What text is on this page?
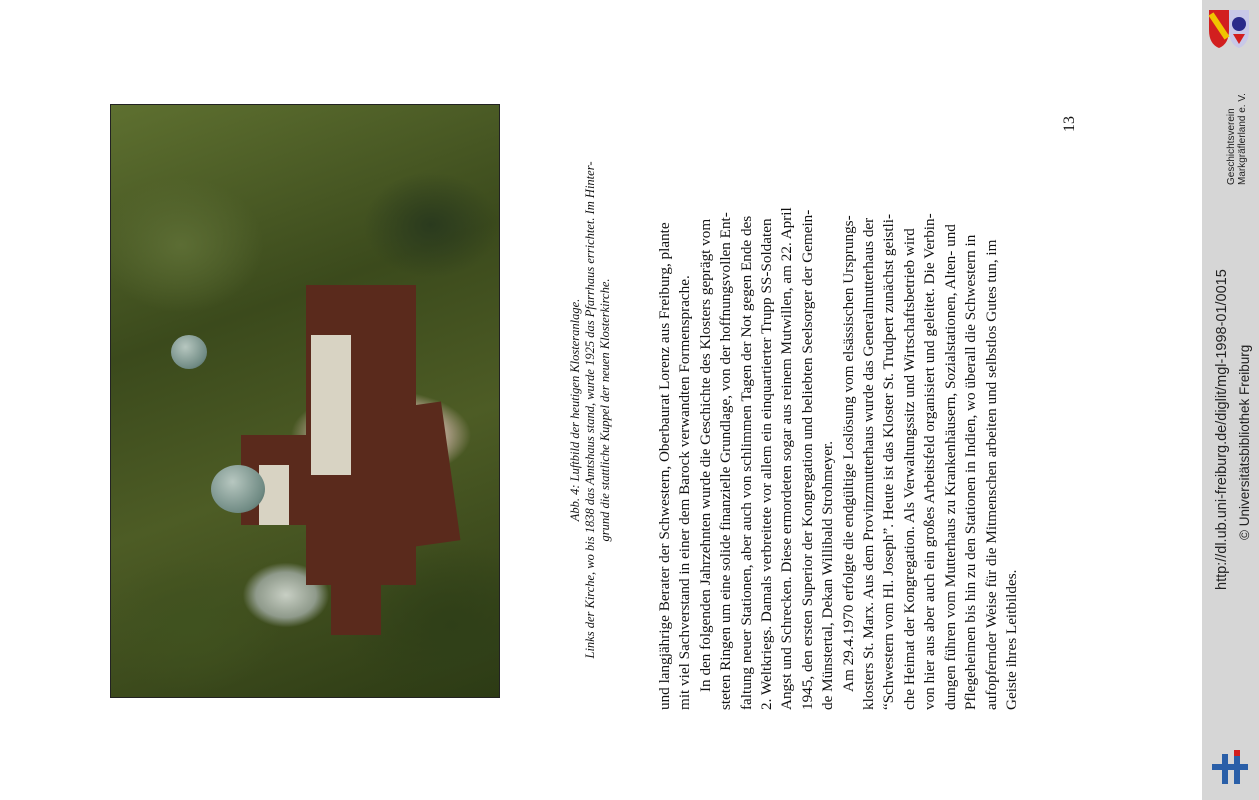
Abb. 4: Luftbild der heutigen Klosteranlage. Links der Kirche, wo bis 1838 das Amtshaus stand, wurde 1925 das Pfarrhaus errichtet. Im Hinter- grund die stattliche Kuppel der neuen Klosterkirche.	und langjährige Berater der Schwestern, Oberbaurat Lorenz aus Freiburg, plante mit viel Sachverstand in einer dem Barock verwandten Formensprache. In den folgenden Jahrzehnten wurde die Geschichte des Klosters geprägt vom steten Ringen um eine solide finanzielle Grundlage, von der hoffnungsvollen Ent- faltung neuer Stationen, aber auch von schlimmen Tagen der Not gegen Ende des 2. Weltkriegs. Damals verbreitete vor allem ein einquartierter Trupp SS-Soldaten Angst und Schrecken. Diese ermordeten sogar aus reinem Mutwillen, am 22. April 1945, den ersten Superior der Kongregation und beliebten Seelsorger der Gemein- de Münstertal, Dekan Willibald Strohmeyer. Am 29.4.1970 erfolgte die endgültige Loslösung vom elsässischen Ursprungs- klosters St. Marx. Aus dem Provinzmutterhaus wurde das Generalmutterhaus der “Schwestern vom Hl. Joseph”. Heute ist das Kloster St. Trudpert zunächst geistli- che Heimat der Kongregation. Als Verwaltungssitz und Wirtschaftsbetrieb wird von hier aus aber auch ein großes Arbeitsfeld organisiert und geleitet. Die Verbin- dungen führen vom Mutterhaus zu Krankenhäusern, Sozialstationen, Alten- und Pflegeheimen bis hin zu den Stationen in Indien, wo überall die Schwestern in aufopfernder Weise für die Mitmenschen arbeiten und selbstlos Gutes tun, im Geiste ihres Leitbildes.
13	Geschichtsverein Markgräflerland e. V.
http://dl.ub.uni-freiburg.de/diglit/mgl-1998-01/0015 © Universitätsbibliothek Freiburg
